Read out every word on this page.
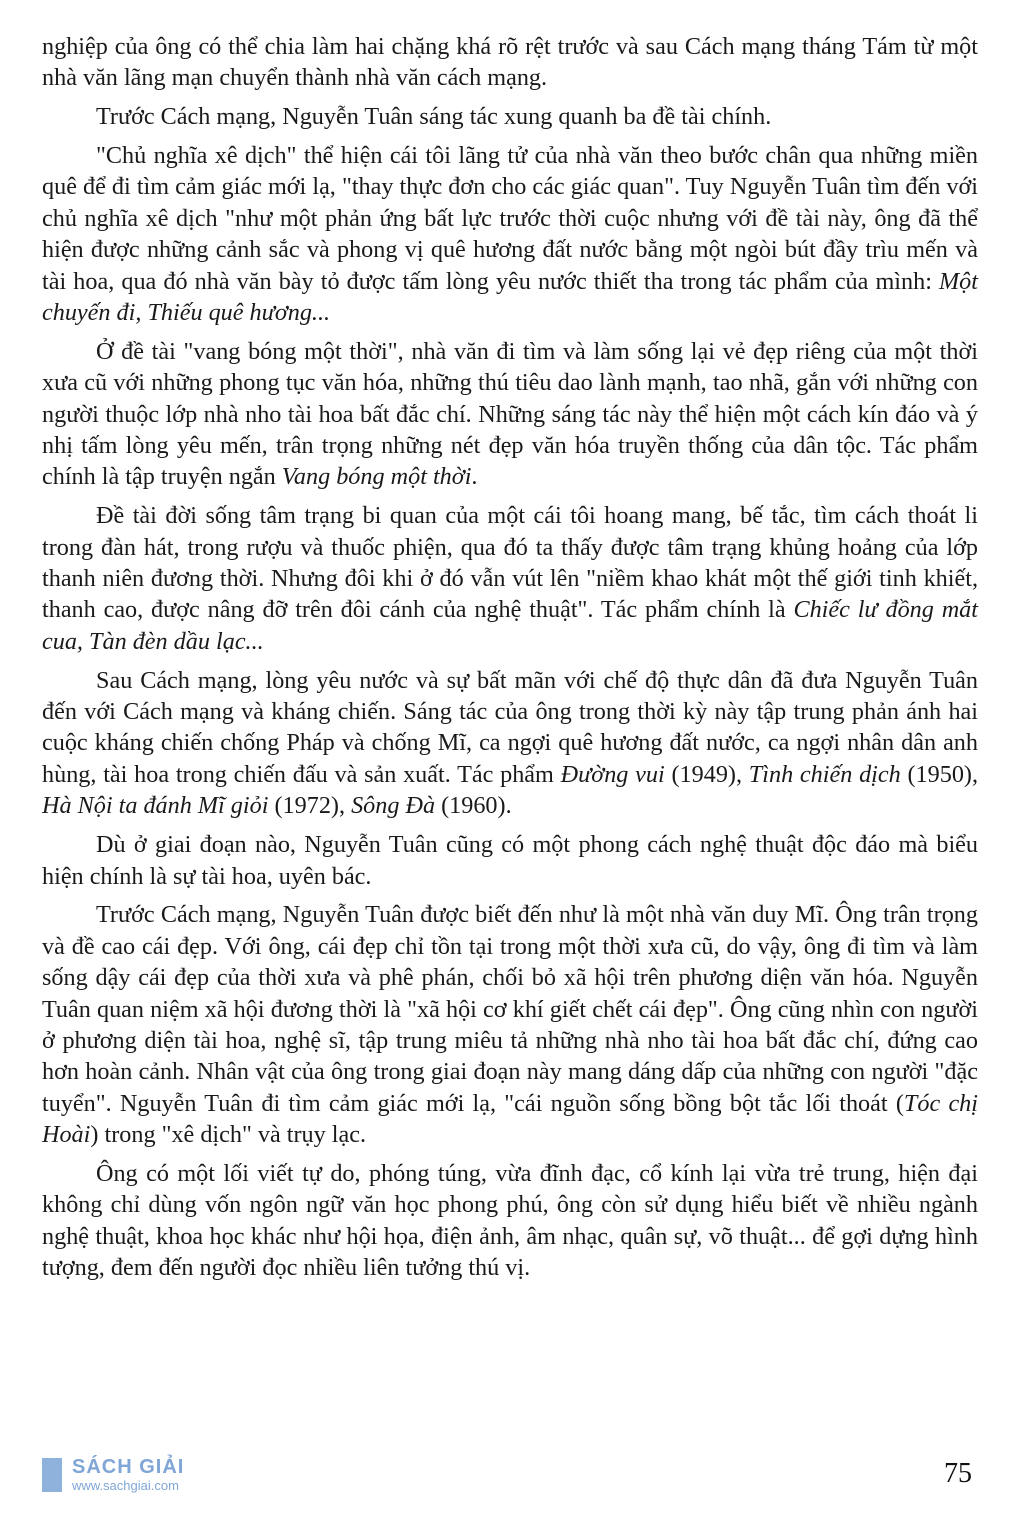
nghiệp của ông có thể chia làm hai chặng khá rõ rệt trước và sau Cách mạng tháng Tám từ một nhà văn lãng mạn chuyển thành nhà văn cách mạng.

Trước Cách mạng, Nguyễn Tuân sáng tác xung quanh ba đề tài chính.

"Chủ nghĩa xê dịch" thể hiện cái tôi lãng tử của nhà văn theo bước chân qua những miền quê để đi tìm cảm giác mới lạ, "thay thực đơn cho các giác quan". Tuy Nguyễn Tuân tìm đến với chủ nghĩa xê dịch "như một phản ứng bất lực trước thời cuộc nhưng với đề tài này, ông đã thể hiện được những cảnh sắc và phong vị quê hương đất nước bằng một ngòi bút đầy trìu mến và tài hoa, qua đó nhà văn bày tỏ được tấm lòng yêu nước thiết tha trong tác phẩm của mình: Một chuyến đi, Thiếu quê hương...

Ở đề tài "vang bóng một thời", nhà văn đi tìm và làm sống lại vẻ đẹp riêng của một thời xưa cũ với những phong tục văn hóa, những thú tiêu dao lành mạnh, tao nhã, gắn với những con người thuộc lớp nhà nho tài hoa bất đắc chí. Những sáng tác này thể hiện một cách kín đáo và ý nhị tấm lòng yêu mến, trân trọng những nét đẹp văn hóa truyền thống của dân tộc. Tác phẩm chính là tập truyện ngắn Vang bóng một thời.

Đề tài đời sống tâm trạng bi quan của một cái tôi hoang mang, bế tắc, tìm cách thoát li trong đàn hát, trong rượu và thuốc phiện, qua đó ta thấy được tâm trạng khủng hoảng của lớp thanh niên đương thời. Nhưng đôi khi ở đó vẫn vút lên "niềm khao khát một thế giới tinh khiết, thanh cao, được nâng đỡ trên đôi cánh của nghệ thuật". Tác phẩm chính là Chiếc lư đồng mắt cua, Tàn đèn dầu lạc...

Sau Cách mạng, lòng yêu nước và sự bất mãn với chế độ thực dân đã đưa Nguyễn Tuân đến với Cách mạng và kháng chiến. Sáng tác của ông trong thời kỳ này tập trung phản ánh hai cuộc kháng chiến chống Pháp và chống Mĩ, ca ngợi quê hương đất nước, ca ngợi nhân dân anh hùng, tài hoa trong chiến đấu và sản xuất. Tác phẩm Đường vui (1949), Tình chiến dịch (1950), Hà Nội ta đánh Mĩ giỏi (1972), Sông Đà (1960).

Dù ở giai đoạn nào, Nguyễn Tuân cũng có một phong cách nghệ thuật độc đáo mà biểu hiện chính là sự tài hoa, uyên bác.

Trước Cách mạng, Nguyễn Tuân được biết đến như là một nhà văn duy Mĩ. Ông trân trọng và đề cao cái đẹp. Với ông, cái đẹp chỉ tồn tại trong một thời xưa cũ, do vậy, ông đi tìm và làm sống dậy cái đẹp của thời xưa và phê phán, chối bỏ xã hội trên phương diện văn hóa. Nguyễn Tuân quan niệm xã hội đương thời là "xã hội cơ khí giết chết cái đẹp". Ông cũng nhìn con người ở phương diện tài hoa, nghệ sĩ, tập trung miêu tả những nhà nho tài hoa bất đắc chí, đứng cao hơn hoàn cảnh. Nhân vật của ông trong giai đoạn này mang dáng dấp của những con người "đặc tuyển". Nguyễn Tuân đi tìm cảm giác mới lạ, "cái nguồn sống bồng bột tắc lối thoát (Tóc chị Hoài) trong "xê dịch" và trụy lạc.

Ông có một lối viết tự do, phóng túng, vừa đĩnh đạc, cổ kính lại vừa trẻ trung, hiện đại không chỉ dùng vốn ngôn ngữ văn học phong phú, ông còn sử dụng hiểu biết về nhiều ngành nghệ thuật, khoa học khác như hội họa, điện ảnh, âm nhạc, quân sự, võ thuật... để gợi dựng hình tượng, đem đến người đọc nhiều liên tưởng thú vị.

75
SÁCH GIẢI
www.sachgiai.com
